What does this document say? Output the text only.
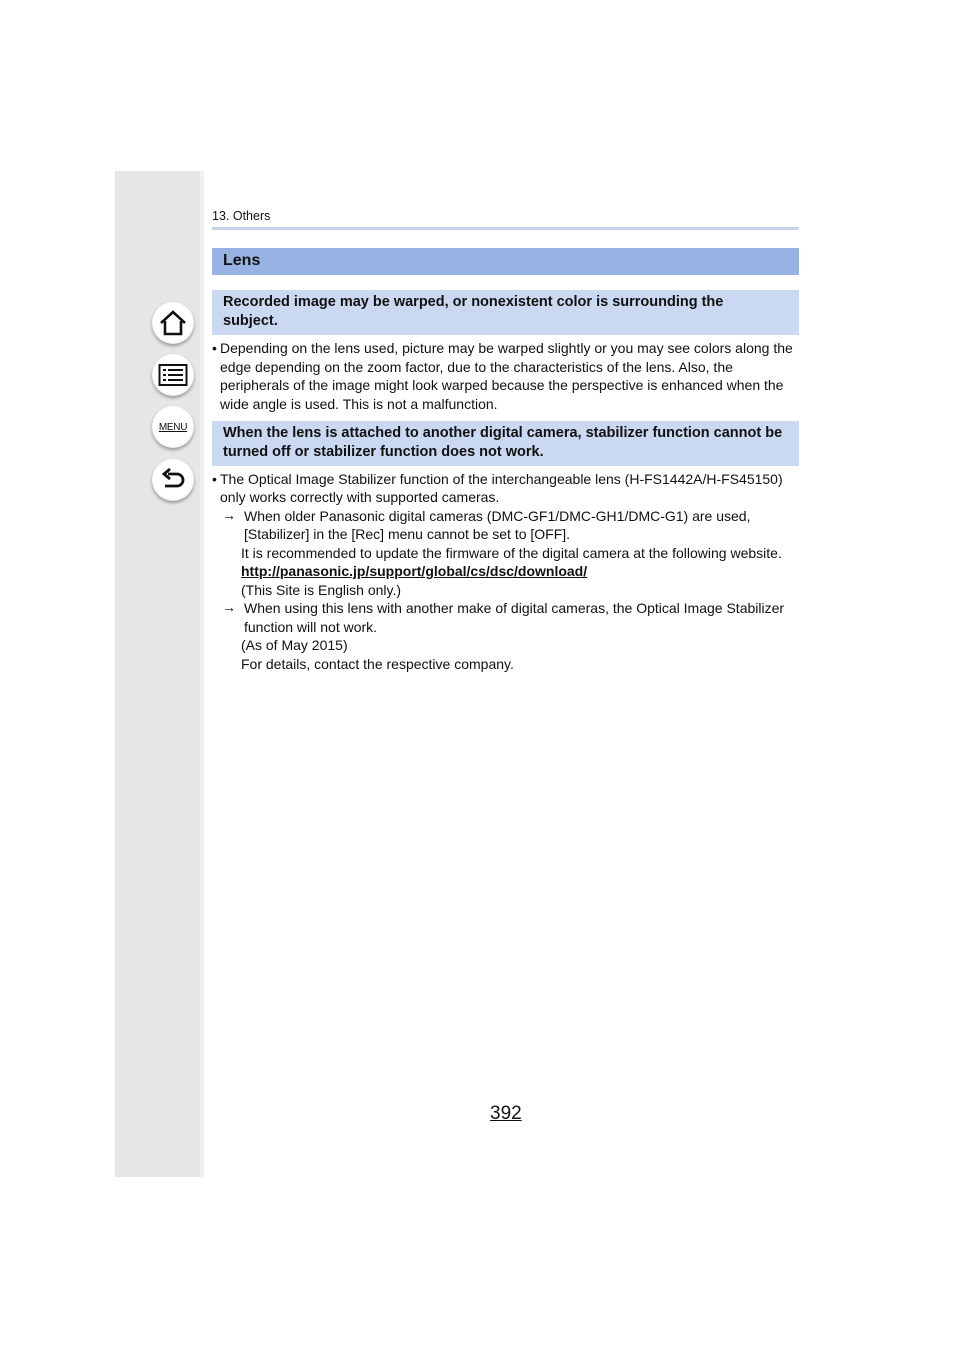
MENU
13. Others
Lens
Recorded image may be warped, or nonexistent color is surrounding the
subject.
• Depending on the lens used, picture may be warped slightly or you may see colors along the edge depending on the zoom factor, due to the characteristics of the lens. Also, the peripherals of the image might look warped because the perspective is enhanced when the wide angle is used. This is not a malfunction.
When the lens is attached to another digital camera, stabilizer function cannot be
turned off or stabilizer function does not work.
• The Optical Image Stabilizer function of the interchangeable lens (H-FS1442A/H-FS45150)
only works correctly with supported cameras.
→ When older Panasonic digital cameras (DMC-GF1/DMC-GH1/DMC-G1) are used,
[Stabilizer] in the [Rec] menu cannot be set to [OFF].
It is recommended to update the firmware of the digital camera at the following website.
http://panasonic.jp/support/global/cs/dsc/download/
(This Site is English only.)
→ When using this lens with another make of digital cameras, the Optical Image Stabilizer
function will not work.
(As of May 2015)
For details, contact the respective company.
392
